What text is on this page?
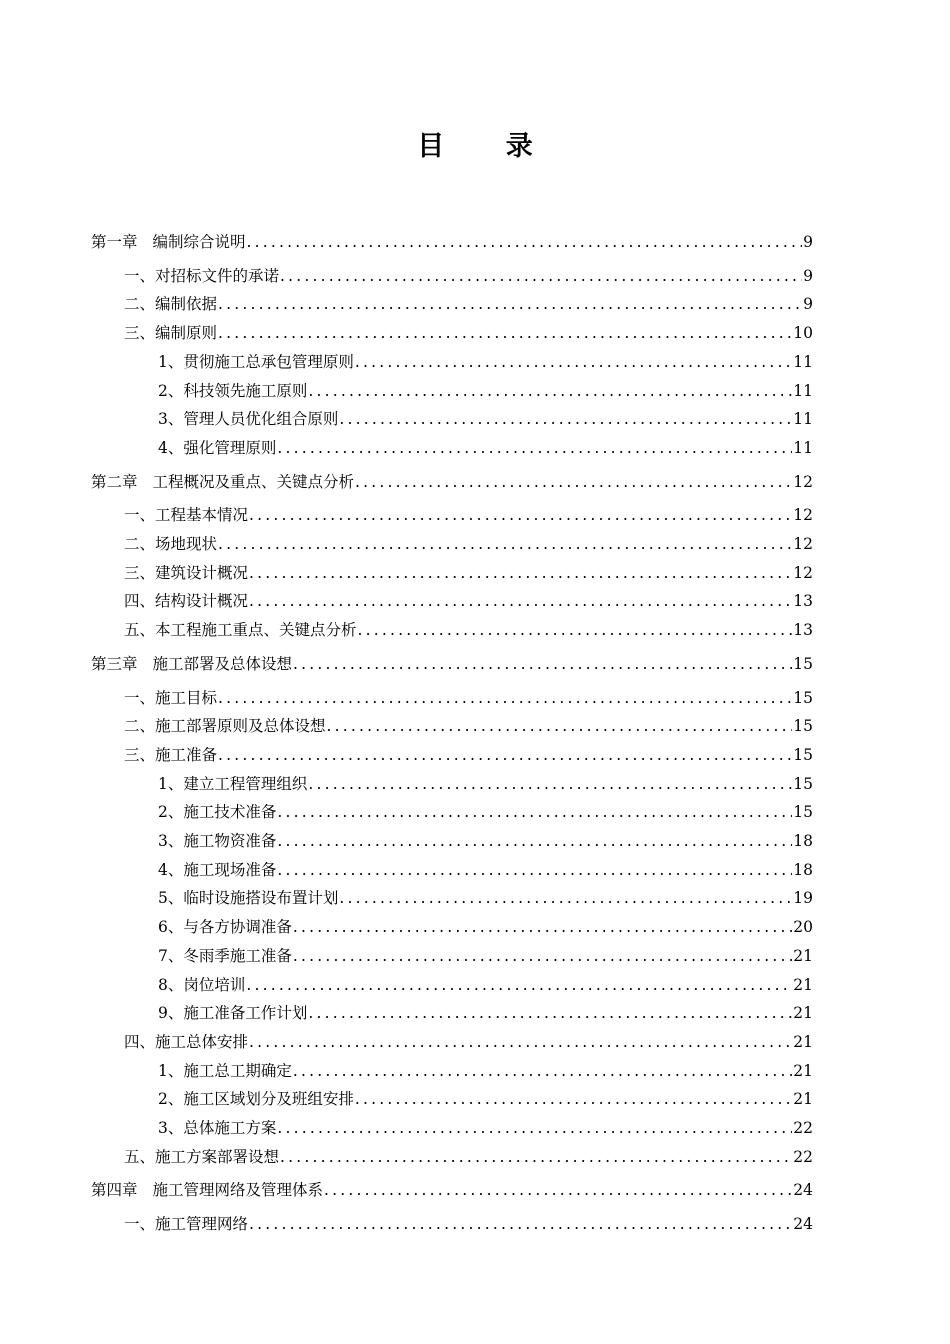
目 录
第一章 编制综合说明 .....	9
一、对招标文件的承诺 .....	9
二、编制依据 .....	9
三、编制原则 .....	10
1、贯彻施工总承包管理原则 .....	11
2、科技领先施工原则 .....	11
3、管理人员优化组合原则 .....	11
4、强化管理原则 .....	11
第二章 工程概况及重点、关键点分析 .....	12
一、工程基本情况 .....	12
二、场地现状 .....	12
三、建筑设计概况 .....	12
四、结构设计概况 .....	13
五、本工程施工重点、关键点分析 .....	13
第三章 施工部署及总体设想 .....	15
一、施工目标 .....	15
二、施工部署原则及总体设想 .....	15
三、施工准备 .....	15
1、建立工程管理组织 .....	15
2、施工技术准备 .....	15
3、施工物资准备 .....	18
4、施工现场准备 .....	18
5、临时设施搭设布置计划 .....	19
6、与各方协调准备 .....	20
7、冬雨季施工准备 .....	21
8、岗位培训 .....	21
9、施工准备工作计划 .....	21
四、施工总体安排 .....	21
1、施工总工期确定 .....	21
2、施工区域划分及班组安排 .....	21
3、总体施工方案 .....	22
五、施工方案部署设想 .....	22
第四章 施工管理网络及管理体系 .....	24
一、施工管理网络 .....	24
